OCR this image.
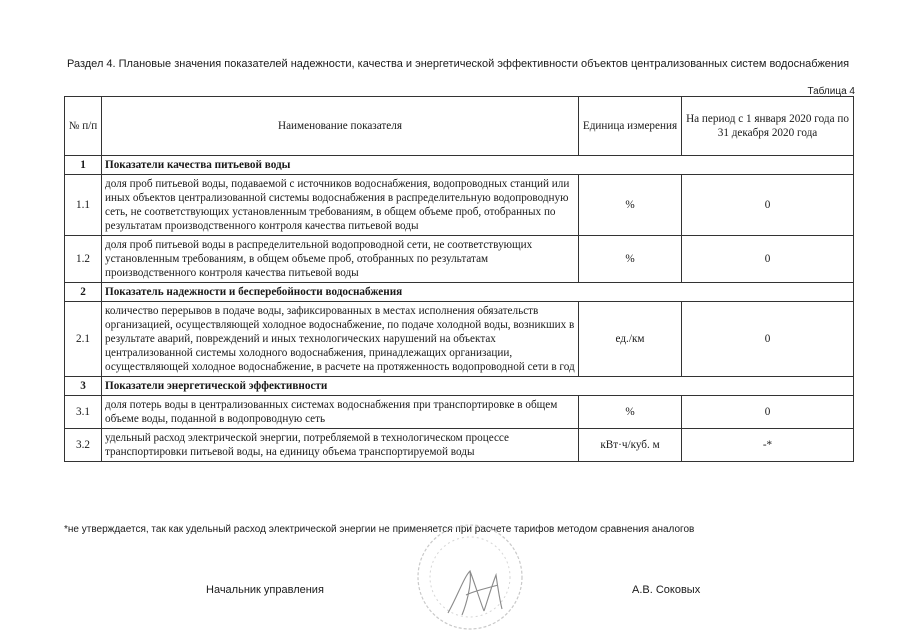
Раздел 4. Плановые значения показателей надежности, качества и энергетической эффективности объектов централизованных систем водоснабжения
Таблица 4
№ п/п	Наименование показателя	Единица измерения	На период с 1 января 2020 года по 31 декабря 2020 года
1	Показатели качества питьевой воды		
1.1	доля проб питьевой воды, подаваемой с источников водоснабжения, водопроводных станций или иных объектов централизованной системы водоснабжения в распределительную водопроводную сеть, не соответствующих установленным требованиям, в общем объеме проб, отобранных по результатам производственного контроля качества питьевой воды	%	0
1.2	доля проб питьевой воды в распределительной водопроводной сети, не соответствующих установленным требованиям, в общем объеме проб, отобранных по результатам производственного контроля качества питьевой воды	%	0
2	Показатель надежности и бесперебойности водоснабжения		
2.1	количество перерывов в подаче воды, зафиксированных в местах исполнения обязательств организацией, осуществляющей холодное водоснабжение, по подаче холодной воды, возникших в результате аварий, повреждений и иных технологических нарушений на объектах централизованной системы холодного водоснабжения, принадлежащих организации, осуществляющей холодное водоснабжение, в расчете на протяженность водопроводной сети в год	ед./км	0
3	Показатели энергетической эффективности		
3.1	доля потерь воды в централизованных системах водоснабжения при транспортировке в общем объеме воды, поданной в водопроводную сеть	%	0
3.2	удельный расход электрической энергии, потребляемой в технологическом процессе транспортировки питьевой воды, на единицу объема транспортируемой воды	кВт·ч/куб. м	-*
*не утверждается, так как удельный расход электрической энергии не применяется при расчете тарифов методом сравнения аналогов
Начальник управления	А.В. Соковых
